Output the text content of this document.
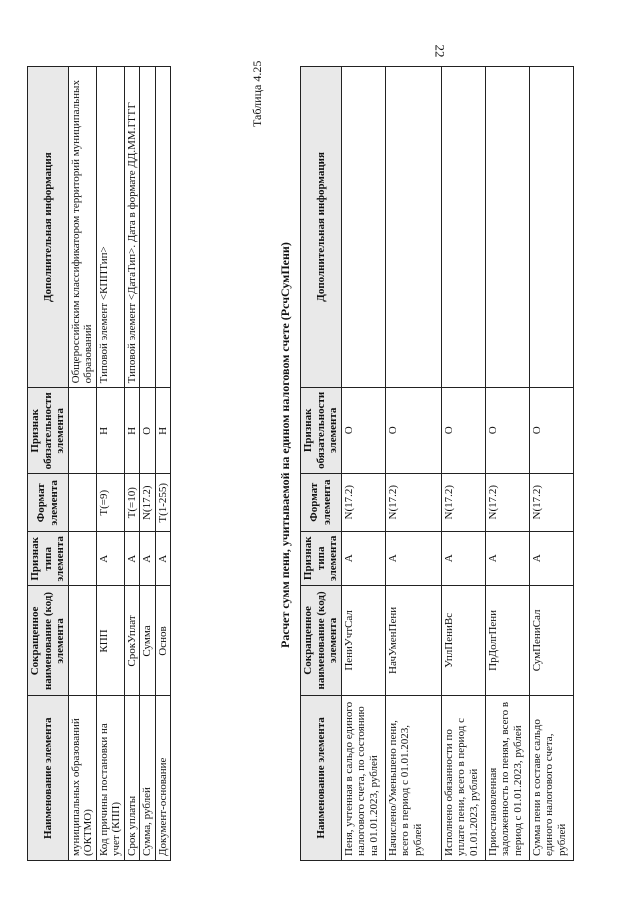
Наименование элемента	Сокращенное наименование (код) элемента	Признак типа элемента	Формат элемента	Признак обязательности элемента	Дополнительная информация
муниципальных образований (ОКТМО)					Общероссийским классификатором территорий муниципальных образований
Код причины постановки на учет (КПП)	КПП	А	T(=9)	Н	Типовой элемент <КППТип>
Срок уплаты	СрокУплат	А	T(=10)	Н	Типовой элемент <ДатаТип>. Дата в формате ДД.ММ.ГГГГ
Сумма, рублей	Сумма	А	N(17.2)	О	
Документ-основание	Основ	А	T(1-255)	Н	
Таблица 4.25
Расчет сумм пени, учитываемой на едином налоговом счете (РсчСумПени)
Наименование элемента	Сокращенное наименование (код) элемента	Признак типа элемента	Формат элемента	Признак обязательности элемента	Дополнительная информация
Пеня, учтенная в сальдо единого налогового счета, по состоянию на 01.01.2023, рублей	ПениУчтСал	А	N(17.2)	О	
Начислено/Уменьшено пени, всего в период с 01.01.2023, рублей	НачУменПени	А	N(17.2)	О	
Исполнено обязанности по уплате пени, всего в период с 01.01.2023, рублей	УплПениВс	А	N(17.2)	О	
Приостановленная задолженность по пеням, всего в период с 01.01.2023, рублей	ПрДолгПени	А	N(17.2)	О	
Сумма пени в составе сальдо единого налогового счета, рублей	СумПениСал	А	N(17.2)	О	
22
